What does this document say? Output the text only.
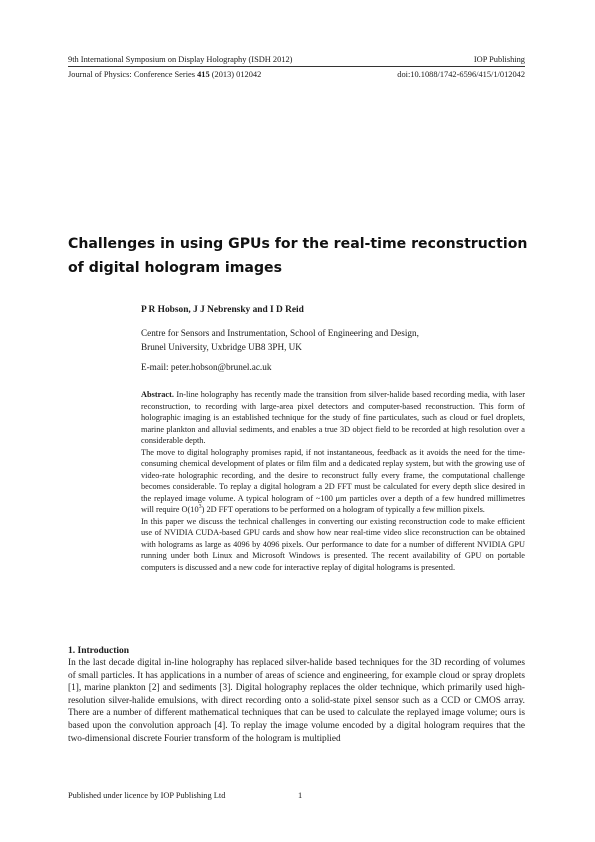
9th International Symposium on Display Holography (ISDH 2012)	IOP Publishing
Journal of Physics: Conference Series 415 (2013) 012042	doi:10.1088/1742-6596/415/1/012042
Challenges in using GPUs for the real-time reconstruction of digital hologram images
P R Hobson, J J Nebrensky and I D Reid
Centre for Sensors and Instrumentation, School of Engineering and Design,
Brunel University, Uxbridge UB8 3PH, UK
E-mail: peter.hobson@brunel.ac.uk

Abstract. In-line holography has recently made the transition from silver-halide based recording media, with laser reconstruction, to recording with large-area pixel detectors and computer-based reconstruction. This form of holographic imaging is an established technique for the study of fine particulates, such as cloud or fuel droplets, marine plankton and alluvial sediments, and enables a true 3D object field to be recorded at high resolution over a considerable depth.

The move to digital holography promises rapid, if not instantaneous, feedback as it avoids the need for the time-consuming chemical development of plates or film film and a dedicated replay system, but with the growing use of video-rate holographic recording, and the desire to reconstruct fully every frame, the computational challenge becomes considerable. To replay a digital hologram a 2D FFT must be calculated for every depth slice desired in the replayed image volume. A typical hologram of ~100 μm particles over a depth of a few hundred millimetres will require $O(10^3)$ 2D FFT operations to be performed on a hologram of typically a few million pixels.

In this paper we discuss the technical challenges in converting our existing reconstruction code to make efficient use of NVIDIA CUDA-based GPU cards and show how near real-time video slice reconstruction can be obtained with holograms as large as 4096 by 4096 pixels. Our performance to date for a number of different NVIDIA GPU running under both Linux and Microsoft Windows is presented. The recent availability of GPU on portable computers is discussed and a new code for interactive replay of digital holograms is presented.

1. Introduction
In the last decade digital in-line holography has replaced silver-halide based techniques for the 3D recording of volumes of small particles. It has applications in a number of areas of science and engineering, for example cloud or spray droplets [1], marine plankton [2] and sediments [3]. Digital holography replaces the older technique, which primarily used high-resolution silver-halide emulsions, with direct recording onto a solid-state pixel sensor such as a CCD or CMOS array. There are a number of different mathematical techniques that can be used to calculate the replayed image volume; ours is based upon the convolution approach [4]. To replay the image volume encoded by a digital hologram requires that the two-dimensional discrete Fourier transform of the hologram is multiplied
Published under licence by IOP Publishing Ltd	1
